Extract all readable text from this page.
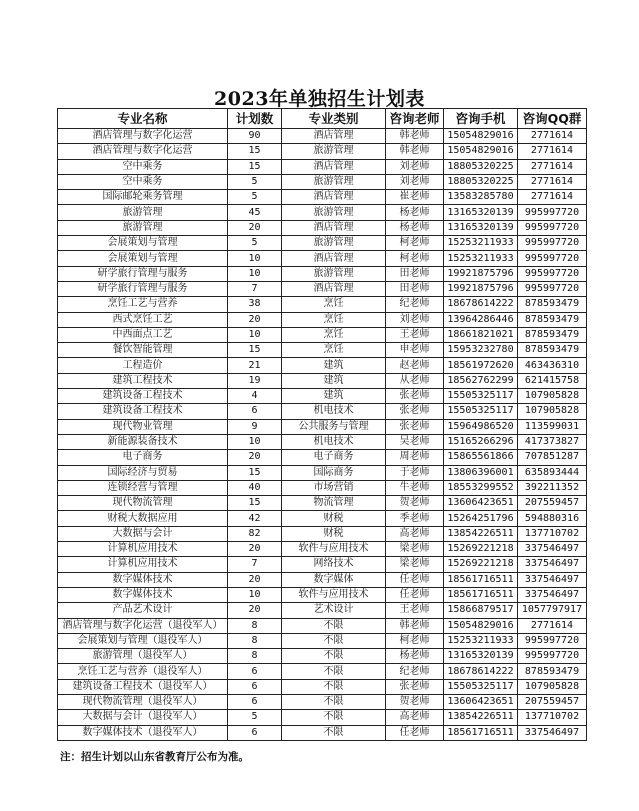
2023年单独招生计划表
专业名称	计划数	专业类别	咨询老师	咨询手机	咨询QQ群
酒店管理与数字化运营	90	酒店管理	韩老师	15054829016	2771614
酒店管理与数字化运营	15	旅游管理	韩老师	15054829016	2771614
空中乘务	15	酒店管理	刘老师	18805320225	2771614
空中乘务	5	旅游管理	刘老师	18805320225	2771614
国际邮轮乘务管理	5	酒店管理	崔老师	13583285780	2771614
旅游管理	45	旅游管理	杨老师	13165320139	995997720
旅游管理	20	酒店管理	杨老师	13165320139	995997720
会展策划与管理	5	旅游管理	柯老师	15253211933	995997720
会展策划与管理	10	酒店管理	柯老师	15253211933	995997720
研学旅行管理与服务	10	旅游管理	田老师	19921875796	995997720
研学旅行管理与服务	7	酒店管理	田老师	19921875796	995997720
烹饪工艺与营养	38	烹饪	纪老师	18678614222	878593479
西式烹饪工艺	20	烹饪	刘老师	13964286446	878593479
中西面点工艺	10	烹饪	王老师	18661821021	878593479
餐饮智能管理	15	烹饪	申老师	15953232780	878593479
工程造价	21	建筑	赵老师	18561972620	463436310
建筑工程技术	19	建筑	从老师	18562762299	621415758
建筑设备工程技术	4	建筑	张老师	15505325117	107905828
建筑设备工程技术	6	机电技术	张老师	15505325117	107905828
现代物业管理	9	公共服务与管理	张老师	15964986520	113599031
新能源装备技术	10	机电技术	吴老师	15165266296	417373827
电子商务	20	电子商务	周老师	15865561866	707851287
国际经济与贸易	15	国际商务	于老师	13806396001	635893444
连锁经营与管理	40	市场营销	牛老师	18553299552	392211352
现代物流管理	15	物流管理	贺老师	13606423651	207559457
财税大数据应用	42	财税	季老师	15264251796	594880316
大数据与会计	82	财税	高老师	13854226511	137710702
计算机应用技术	20	软件与应用技术	梁老师	15269221218	337546497
计算机应用技术	7	网络技术	梁老师	15269221218	337546497
数字媒体技术	20	数字媒体	任老师	18561716511	337546497
数字媒体技术	10	软件与应用技术	任老师	18561716511	337546497
产品艺术设计	20	艺术设计	王老师	15866879517	1057797917
酒店管理与数字化运营（退役军人）	8	不限	韩老师	15054829016	2771614
会展策划与管理（退役军人）	8	不限	柯老师	15253211933	995997720
旅游管理（退役军人）	8	不限	杨老师	13165320139	995997720
烹饪工艺与营养（退役军人）	6	不限	纪老师	18678614222	878593479
建筑设备工程技术（退役军人）	6	不限	张老师	15505325117	107905828
现代物流管理（退役军人）	6	不限	贺老师	13606423651	207559457
大数据与会计（退役军人）	5	不限	高老师	13854226511	137710702
数字媒体技术（退役军人）	6	不限	任老师	18561716511	337546497
注：招生计划以山东省教育厅公布为准。
